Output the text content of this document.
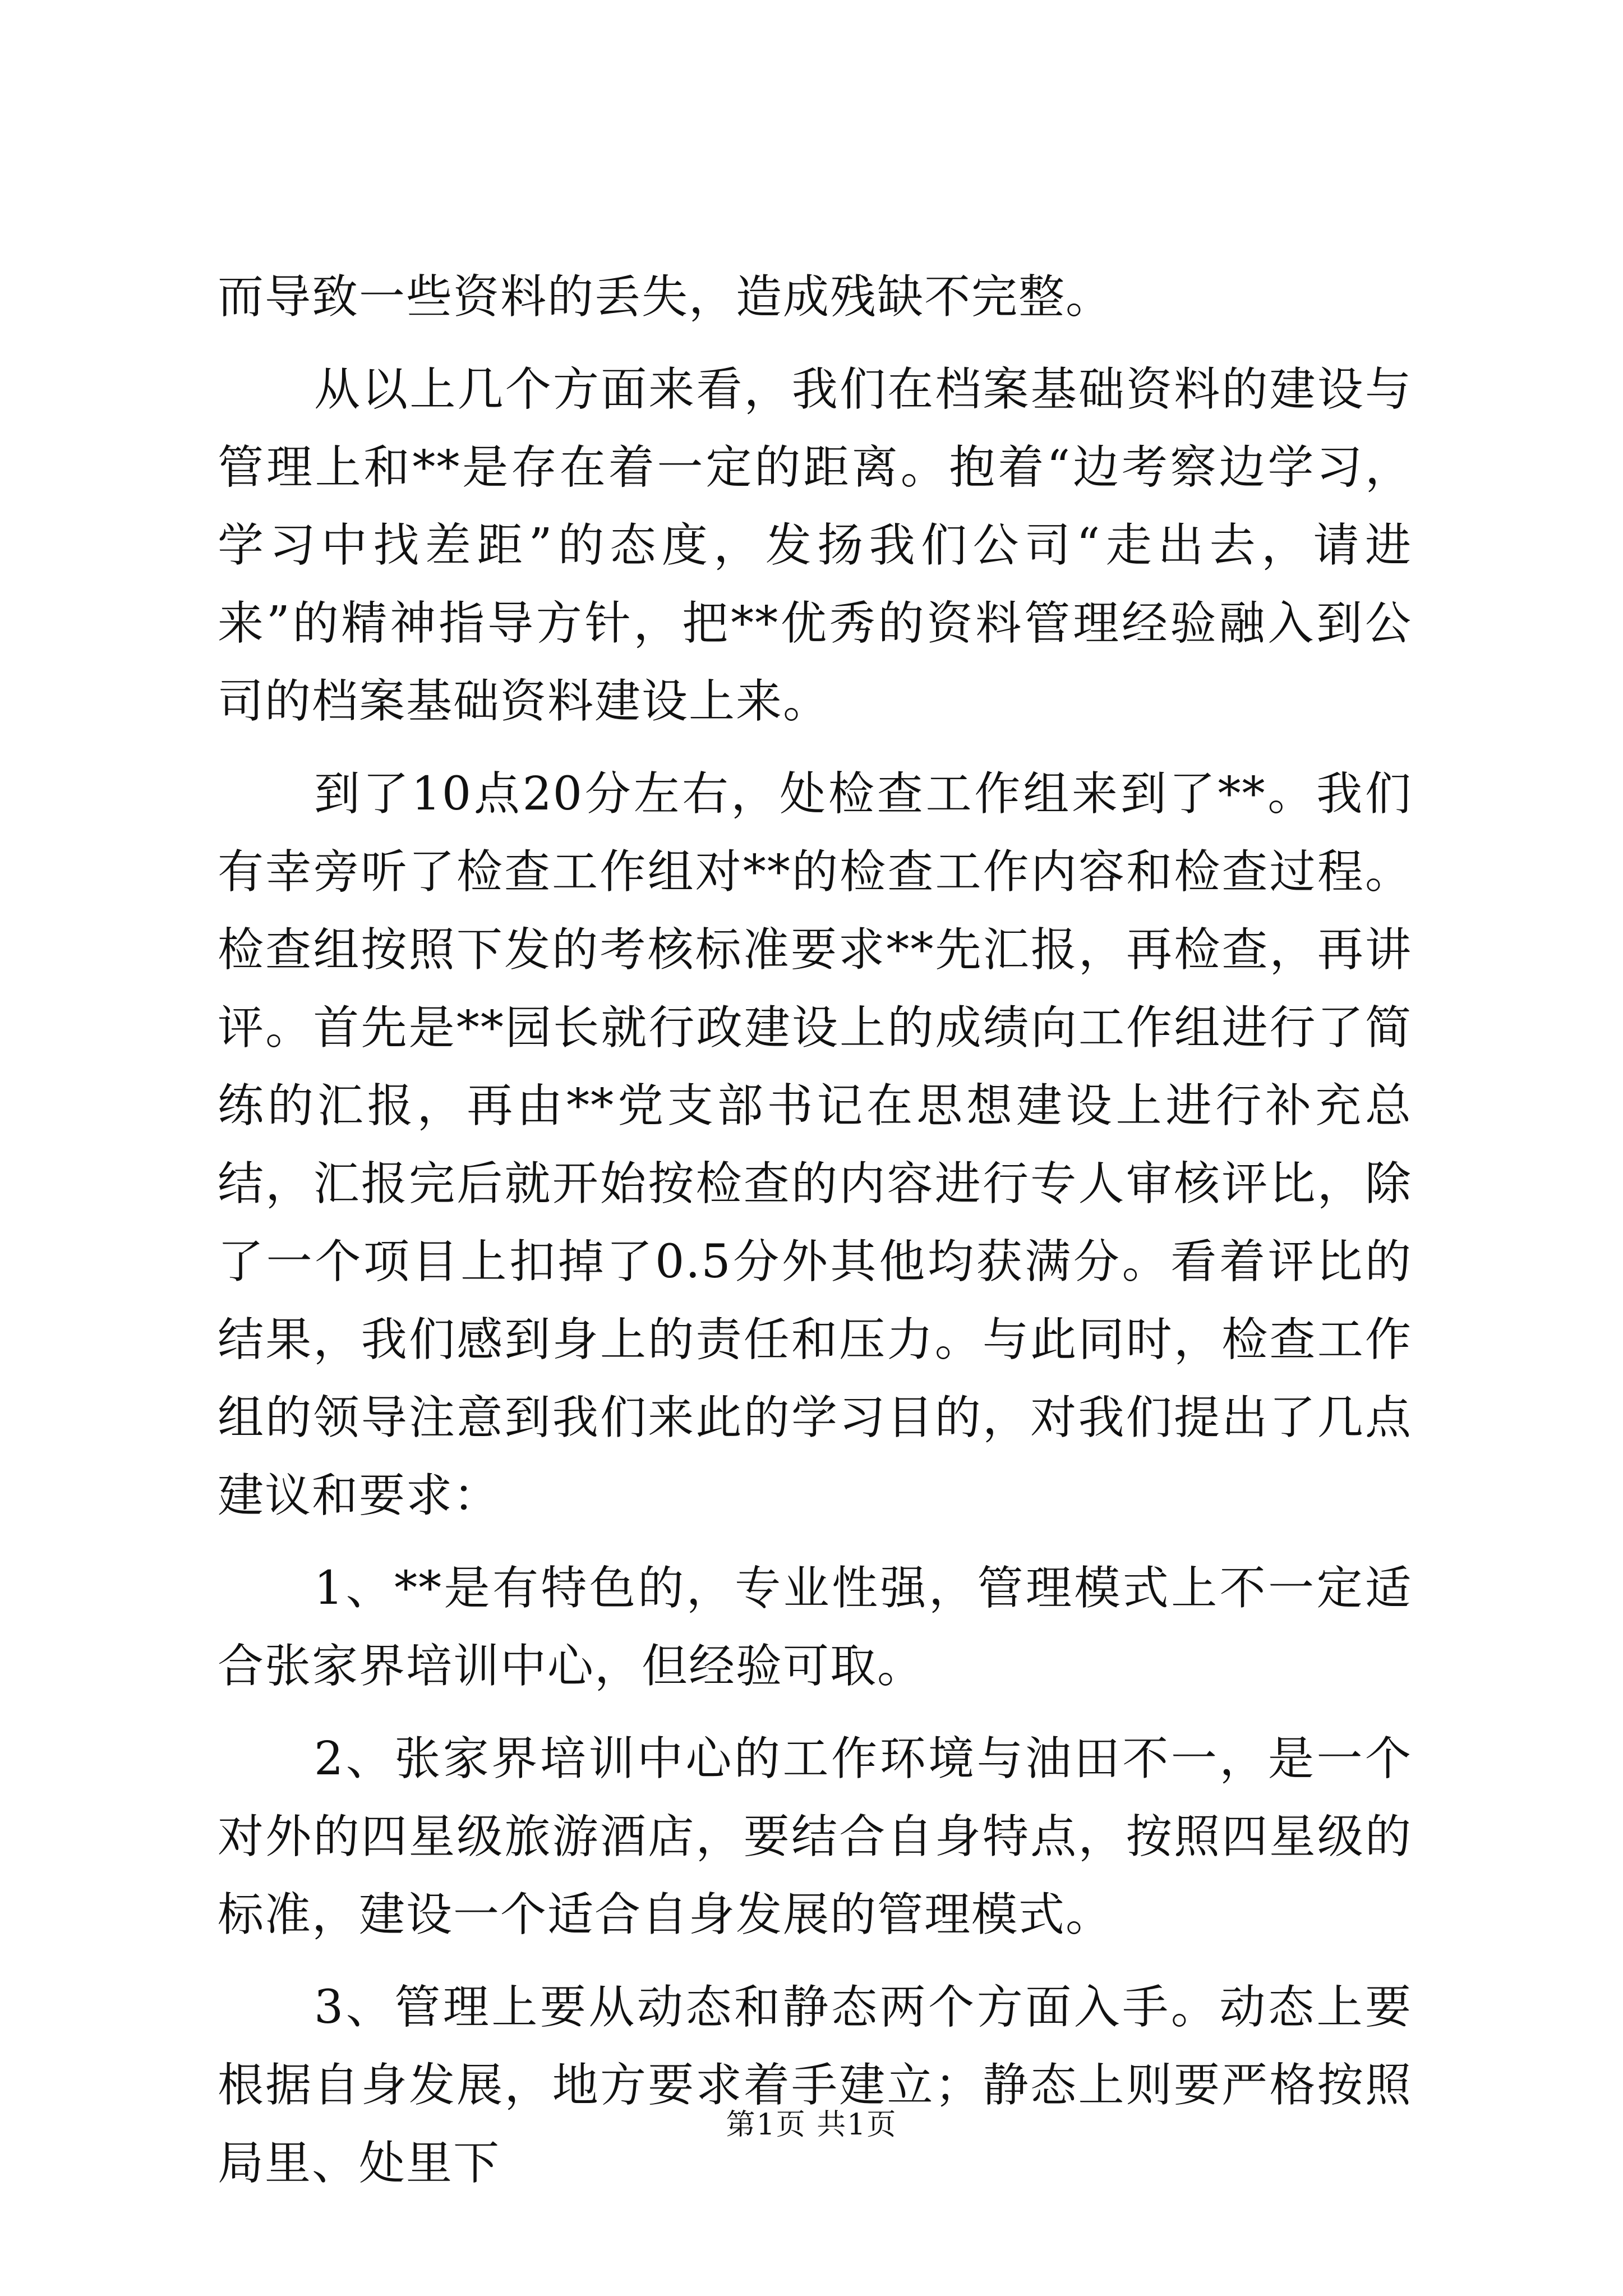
而导致一些资料的丢失，造成残缺不完整。

从以上几个方面来看，我们在档案基础资料的建设与管理上和**是存在着一定的距离。抱着“边考察边学习，学习中找差距”的态度，发扬我们公司“走出去，请进来”的精神指导方针，把**优秀的资料管理经验融入到公司的档案基础资料建设上来。

到了10点20分左右，处检查工作组来到了**。我们有幸旁听了检查工作组对**的检查工作内容和检查过程。检查组按照下发的考核标准要求**先汇报，再检查，再讲评。首先是**园长就行政建设上的成绩向工作组进行了简练的汇报，再由**党支部书记在思想建设上进行补充总结，汇报完后就开始按检查的内容进行专人审核评比，除了一个项目上扣掉了0.5分外其他均获满分。看着评比的结果，我们感到身上的责任和压力。与此同时，检查工作组的领导注意到我们来此的学习目的，对我们提出了几点建议和要求：

1、**是有特色的，专业性强，管理模式上不一定适合张家界培训中心，但经验可取。

2、张家界培训中心的工作环境与油田不一，是一个对外的四星级旅游酒店，要结合自身特点，按照四星级的标准，建设一个适合自身发展的管理模式。

3、管理上要从动态和静态两个方面入手。动态上要根据自身发展，地方要求着手建立；静态上则要严格按照局里、处里下

第1页 共1页
